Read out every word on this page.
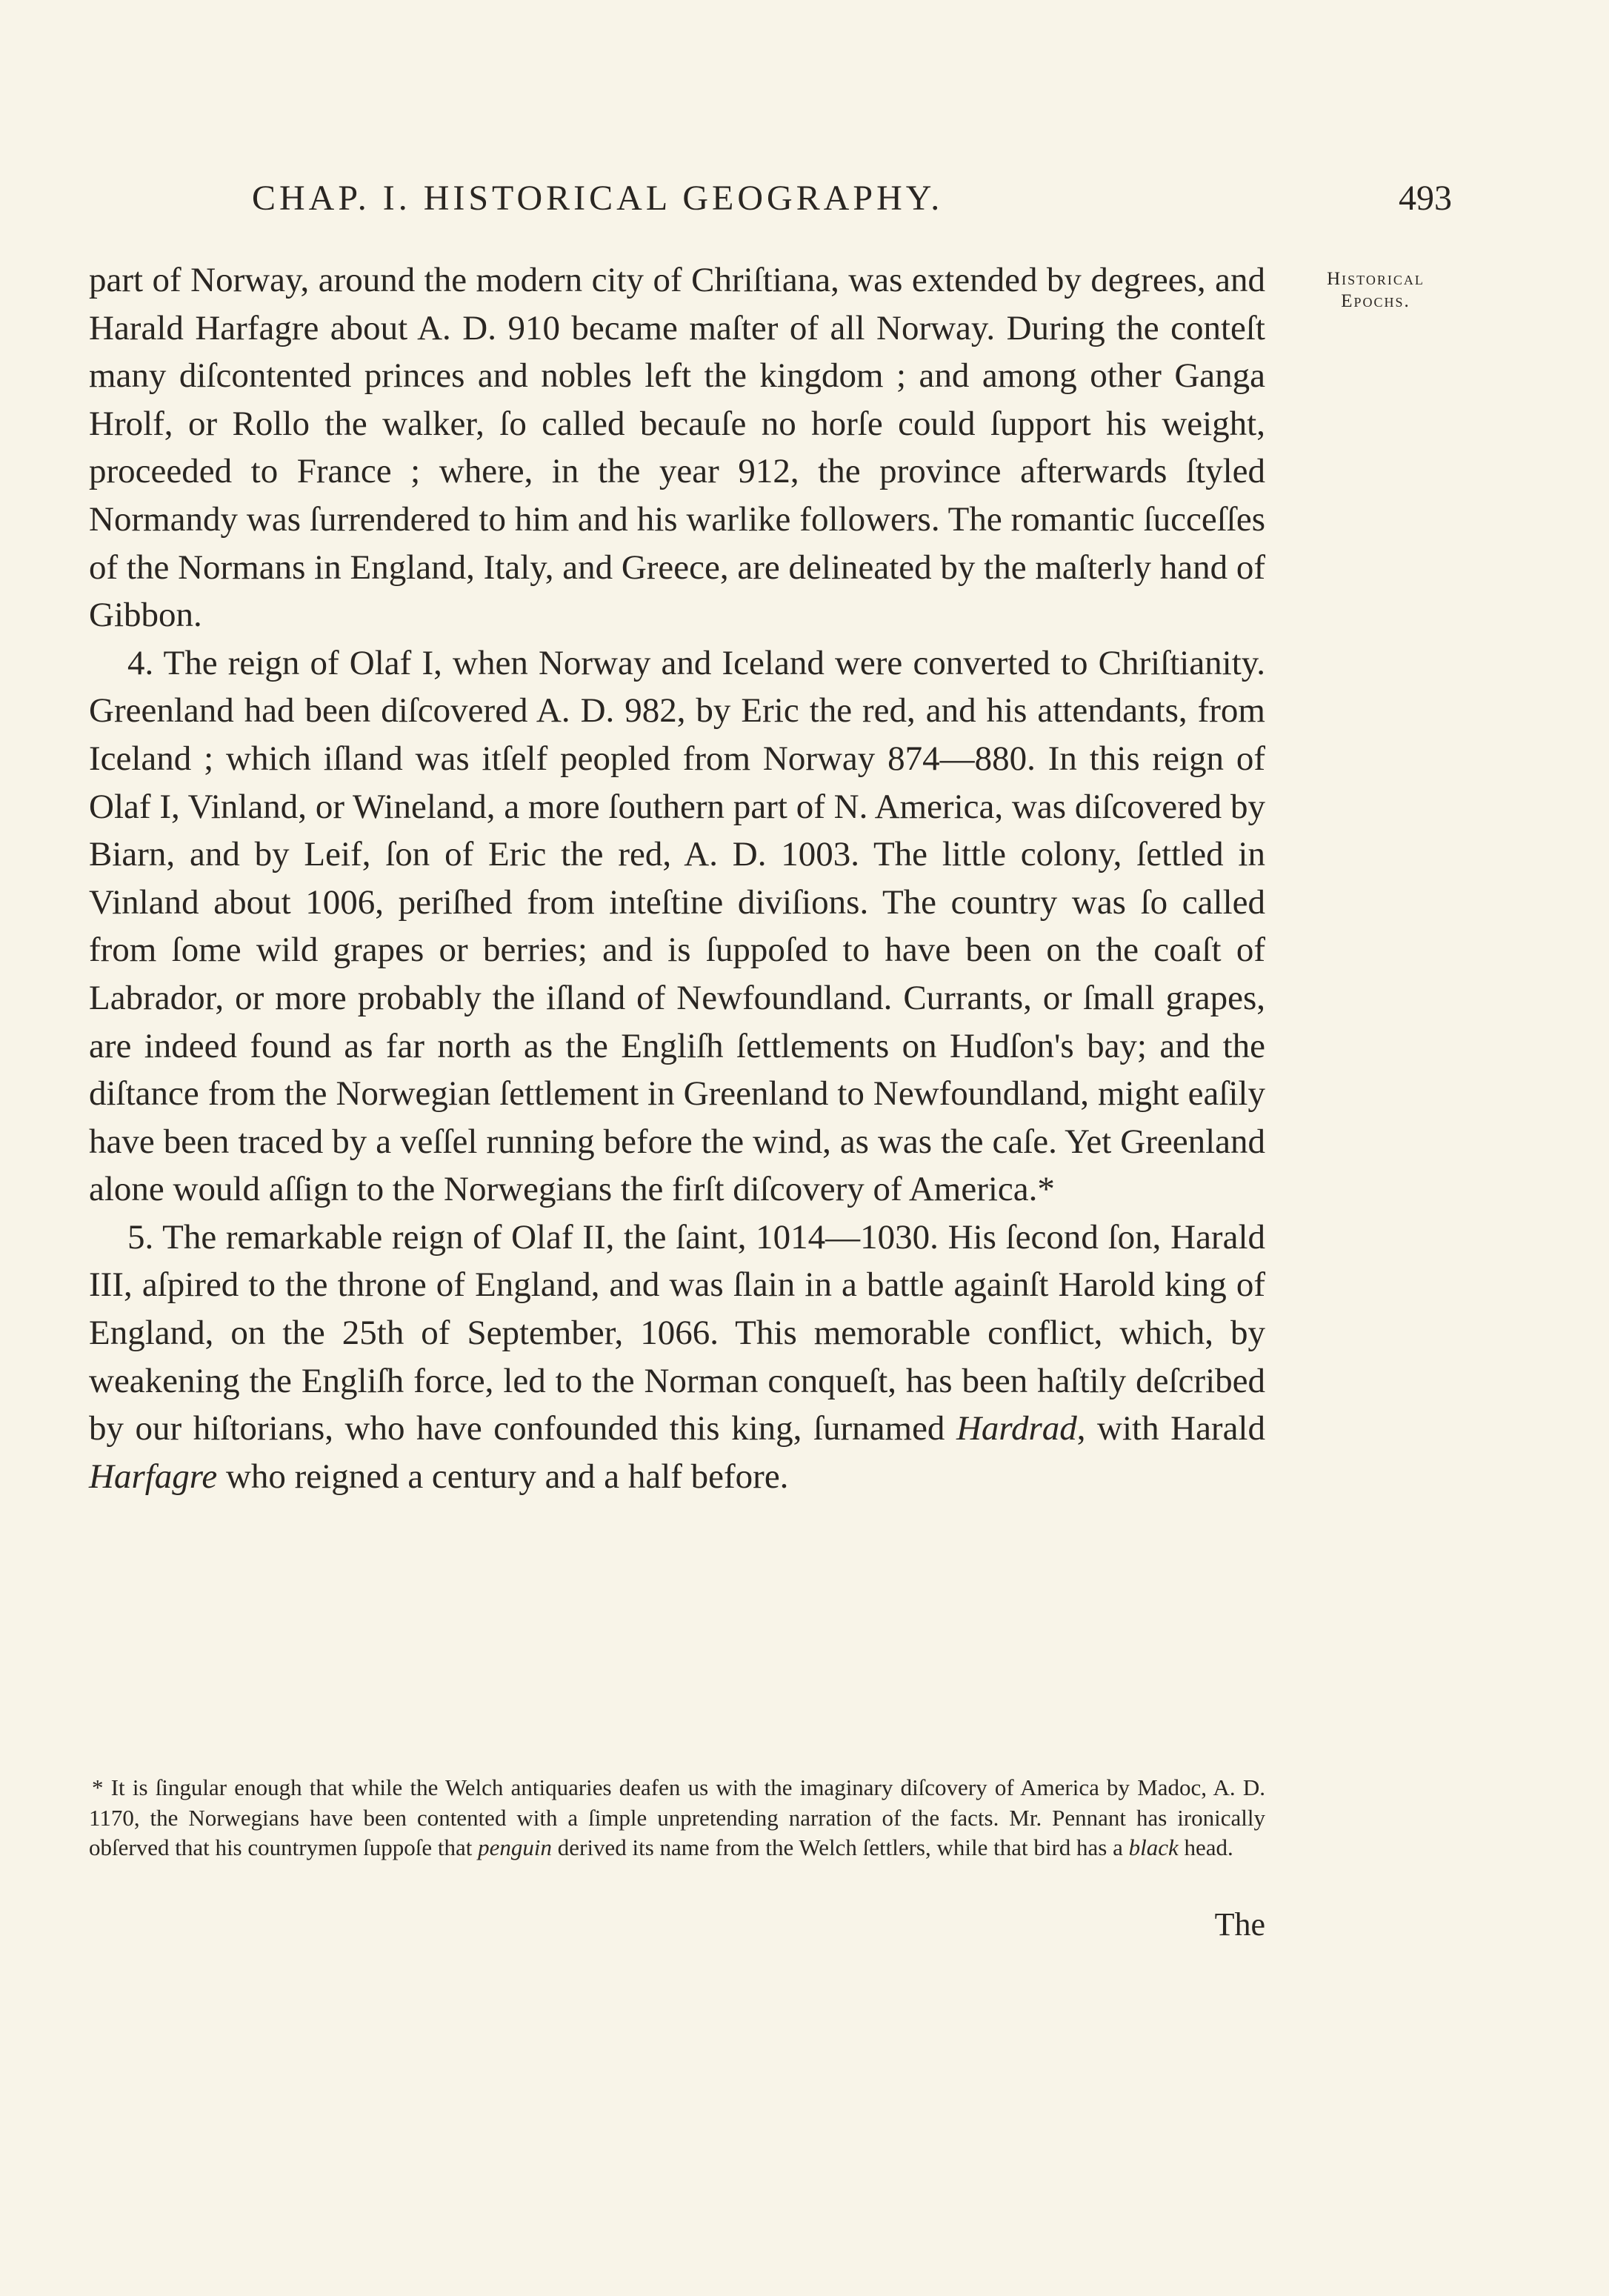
CHAP. I. HISTORICAL GEOGRAPHY.	493
Historical
Epochs.

part of Norway, around the modern city of Chriſtiana, was extended by degrees, and Harald Harfagre about A. D. 910 became maſter of all Norway. During the conteſt many diſcontented princes and nobles left the kingdom ; and among other Ganga Hrolf, or Rollo the walker, ſo called becauſe no horſe could ſupport his weight, proceeded to France ; where, in the year 912, the province afterwards ſtyled Normandy was ſurrendered to him and his warlike followers. The romantic ſucceſſes of the Normans in England, Italy, and Greece, are delineated by the maſterly hand of Gibbon.

4. The reign of Olaf I, when Norway and Iceland were converted to Chriſtianity. Greenland had been diſcovered A. D. 982, by Eric the red, and his attendants, from Iceland ; which iſland was itſelf peopled from Norway 874—880. In this reign of Olaf I, Vinland, or Wineland, a more ſouthern part of N. America, was diſcovered by Biarn, and by Leif, ſon of Eric the red, A. D. 1003. The little colony, ſettled in Vinland about 1006, periſhed from inteſtine diviſions. The country was ſo called from ſome wild grapes or berries; and is ſuppoſed to have been on the coaſt of Labrador, or more probably the iſland of Newfoundland. Currants, or ſmall grapes, are indeed found as far north as the Engliſh ſettlements on Hudſon's bay; and the diſtance from the Norwegian ſettlement in Greenland to Newfoundland, might eaſily have been traced by a veſſel running before the wind, as was the caſe. Yet Greenland alone would aſſign to the Norwegians the firſt diſcovery of America.*

5. The remarkable reign of Olaf II, the ſaint, 1014—1030. His ſecond ſon, Harald III, aſpired to the throne of England, and was ſlain in a battle againſt Harold king of England, on the 25th of September, 1066. This memorable conflict, which, by weakening the Engliſh force, led to the Norman conqueſt, has been haſtily deſcribed by our hiſtorians, who have confounded this king, ſurnamed Hardrad, with Harald Harfagre who reigned a century and a half before.

* It is ſingular enough that while the Welch antiquaries deafen us with the imaginary diſcovery of America by Madoc, A. D. 1170, the Norwegians have been contented with a ſimple unpretending narration of the facts. Mr. Pennant has ironically obſerved that his countrymen ſuppoſe that penguin derived its name from the Welch ſettlers, while that bird has a black head.
The
